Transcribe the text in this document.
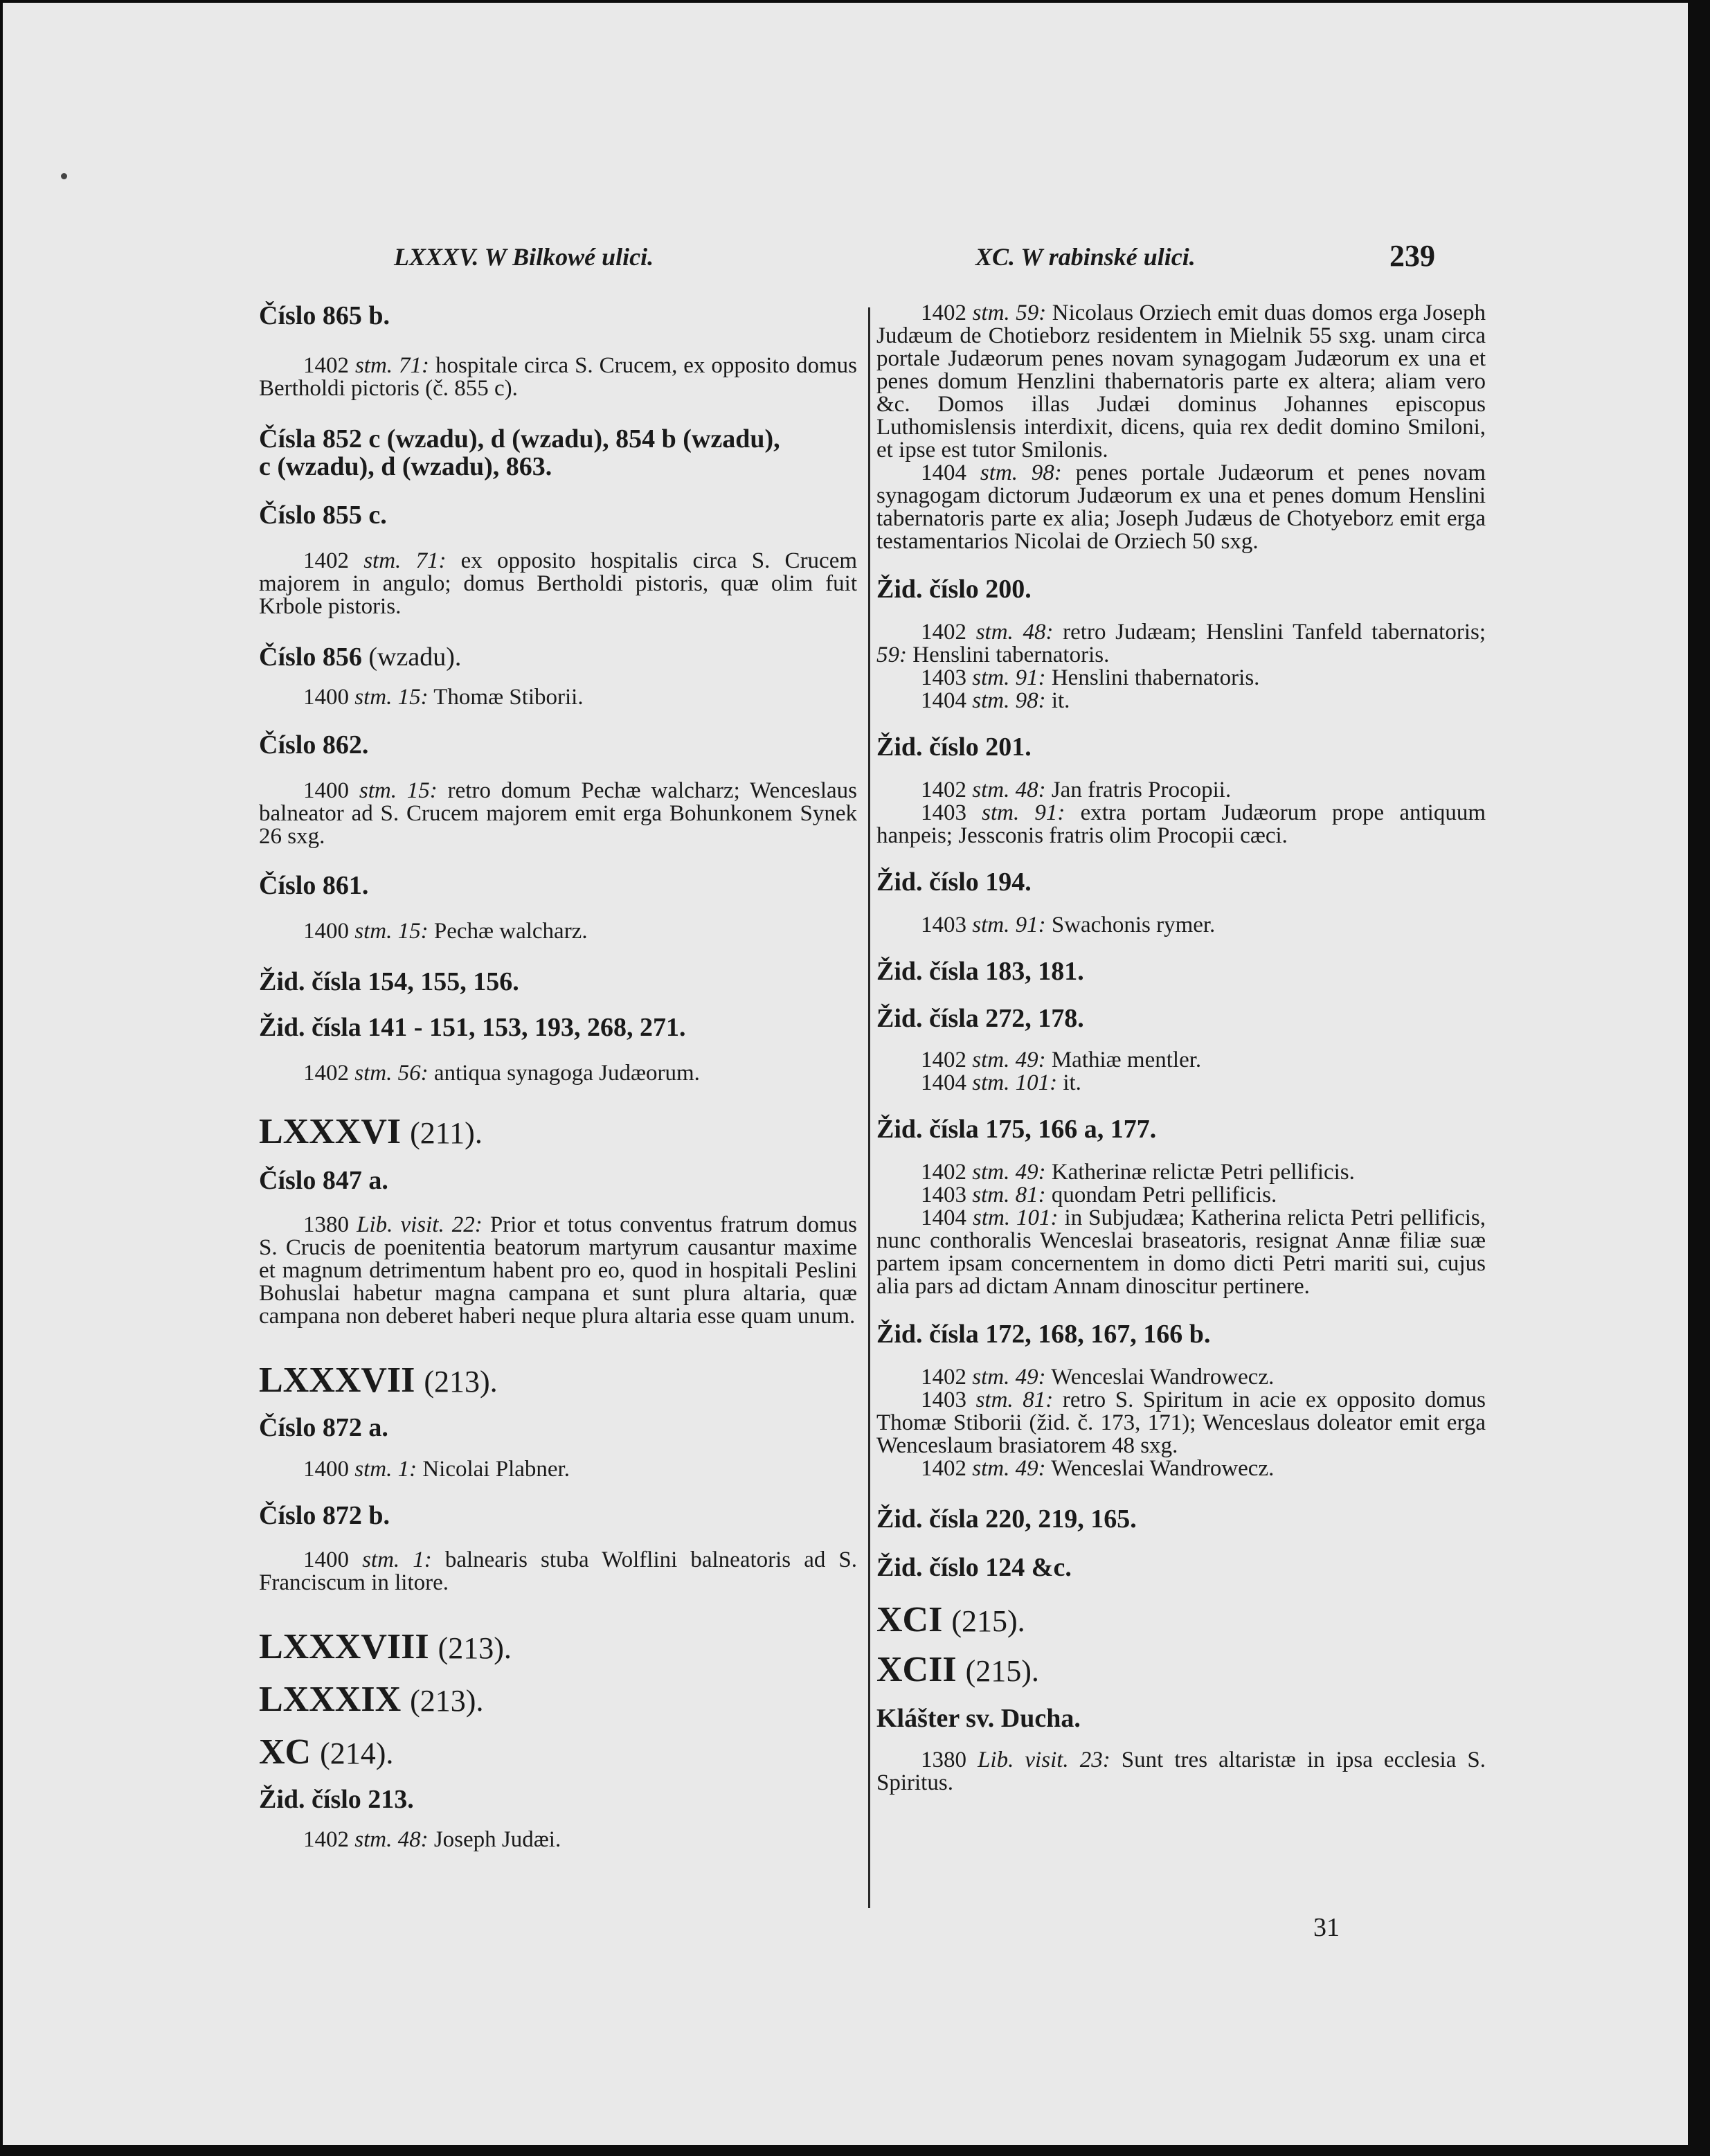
LXXXV. W Bilkowé ulici.	XC. W rabinské ulici.	239

Číslo 865 b.

1402 stm. 71: hospitale circa S. Crucem, ex opposito domus Bertholdi pictoris (č. 855 c).

Čísla 852 c (wzadu), d (wzadu), 854 b (wzadu),

c (wzadu), d (wzadu), 863.

Číslo 855 c.

1402 stm. 71: ex opposito hospitalis circa S. Crucem majorem in angulo; domus Bertholdi pistoris, quæ olim fuit Krbole pistoris.

Číslo 856 (wzadu).

1400 stm. 15: Thomæ Stiborii.

Číslo 862.

1400 stm. 15: retro domum Pechæ walcharz; Wenceslaus balneator ad S. Crucem majorem emit erga Bohunkonem Synek 26 sxg.

Číslo 861.

1400 stm. 15: Pechæ walcharz.

Žid. čísla 154, 155, 156.

Žid. čísla 141 - 151, 153, 193, 268, 271.

1402 stm. 56: antiqua synagoga Judæorum.

LXXXVI (211).

Číslo 847 a.

1380 Lib. visit. 22: Prior et totus conventus fratrum domus S. Crucis de poenitentia beatorum martyrum causantur maxime et magnum detrimentum habent pro eo, quod in hospitali Peslini Bohuslai habetur magna campana et sunt plura altaria, quæ campana non deberet haberi neque plura altaria esse quam unum.

LXXXVII (213).

Číslo 872 a.

1400 stm. 1: Nicolai Plabner.

Číslo 872 b.

1400 stm. 1: balnearis stuba Wolflini balneatoris ad S. Franciscum in litore.

LXXXVIII (213).

LXXXIX (213).

XC (214).

Žid. číslo 213.

1402 stm. 48: Joseph Judæi.

1402 stm. 59: Nicolaus Orziech emit duas domos erga Joseph Judæum de Chotieborz residentem in Mielnik 55 sxg. unam circa portale Judæorum penes novam synagogam Judæorum ex una et penes domum Henzlini thabernatoris parte ex altera; aliam vero &c. Domos illas Judæi dominus Johannes episcopus Luthomislensis interdixit, dicens, quia rex dedit domino Smiloni, et ipse est tutor Smilonis.

1404 stm. 98: penes portale Judæorum et penes novam synagogam dictorum Judæorum ex una et penes domum Henslini tabernatoris parte ex alia; Joseph Judæus de Chotyeborz emit erga testamentarios Nicolai de Orziech 50 sxg.

Žid. číslo 200.

1402 stm. 48: retro Judæam; Henslini Tanfeld tabernatoris; 59: Henslini tabernatoris.

1403 stm. 91: Henslini thabernatoris.

1404 stm. 98: it.

Žid. číslo 201.

1402 stm. 48: Jan fratris Procopii.

1403 stm. 91: extra portam Judæorum prope antiquum hanpeis; Jessconis fratris olim Procopii cæci.

Žid. číslo 194.

1403 stm. 91: Swachonis rymer.

Žid. čísla 183, 181.

Žid. čísla 272, 178.

1402 stm. 49: Mathiæ mentler.

1404 stm. 101: it.

Žid. čísla 175, 166 a, 177.

1402 stm. 49: Katherinæ relictæ Petri pellificis.

1403 stm. 81: quondam Petri pellificis.

1404 stm. 101: in Subjudæa; Katherina relicta Petri pellificis, nunc conthoralis Wenceslai braseatoris, resignat Annæ filiæ suæ partem ipsam concernentem in domo dicti Petri mariti sui, cujus alia pars ad dictam Annam dinoscitur pertinere.

Žid. čísla 172, 168, 167, 166 b.

1402 stm. 49: Wenceslai Wandrowecz.

1403 stm. 81: retro S. Spiritum in acie ex opposito domus Thomæ Stiborii (žid. č. 173, 171); Wenceslaus doleator emit erga Wenceslaum brasiatorem 48 sxg.

1402 stm. 49: Wenceslai Wandrowecz.

Žid. čísla 220, 219, 165.

Žid. číslo 124 &c.

XCI (215).

XCII (215).

Klášter sv. Ducha.

1380 Lib. visit. 23: Sunt tres altaristæ in ipsa ecclesia S. Spiritus.

31
